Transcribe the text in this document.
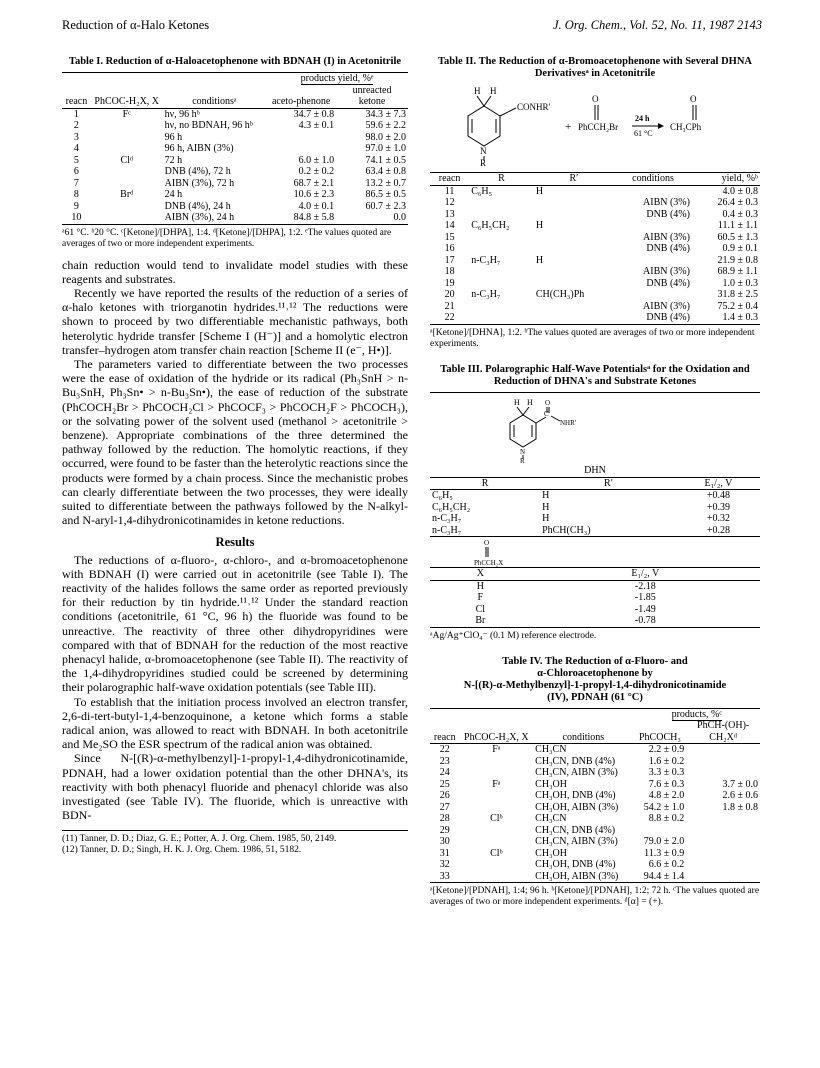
Reduction of α-Halo Ketones	J. Org. Chem., Vol. 52, No. 11, 1987 2143
Table I. Reduction of α-Haloacetophenone with BDNAH (I) in Acetonitrile
			products yield, %ᵉ	
reacn	PhCOC-H₂X, X	conditionsᵃ	aceto-phenone	unreacted ketone
1	Fᶜ	hν, 96 hᵇ	34.7 ± 0.8	34.3 ± 7.3
2		hν, no BDNAH, 96 hᵇ	4.3 ± 0.1	59.6 ± 2.2
3		96 h		98.0 ± 2.0
4		96 h, AIBN (3%)		97.0 ± 1.0
5	Clᵈ	72 h	6.0 ± 1.0	74.1 ± 0.5
6		DNB (4%), 72 h	0.2 ± 0.2	63.4 ± 0.8
7		AIBN (3%), 72 h	68.7 ± 2.1	13.2 ± 0.7
8	Brᵈ	24 h	10.6 ± 2.3	86.5 ± 0.5
9		DNB (4%), 24 h	4.0 ± 0.1	60.7 ± 2.3
10		AIBN (3%), 24 h	84.8 ± 5.8	0.0
ᵃ61 °C. ᵇ20 °C. ᶜ[Ketone]/[DHPA], 1:4. ᵈ[Ketone]/[DHPA], 1:2. ᵉThe values quoted are averages of two or more independent experiments.

chain reduction would tend to invalidate model studies with these reagents and substrates.

Recently we have reported the results of the reduction of a series of α-halo ketones with triorganotin hydrides.¹¹˒¹² The reductions were shown to proceed by two differentiable mechanistic pathways, both heterolytic hydride transfer [Scheme I (H⁻)] and a homolytic electron transfer–hydrogen atom transfer chain reaction [Scheme II (e⁻, H•)].

The parameters varied to differentiate between the two processes were the ease of oxidation of the hydride or its radical (Ph₃SnH > n-Bu₃SnH, Ph₃Sn• > n-Bu₃Sn•), the ease of reduction of the substrate (PhCOCH₂Br > PhCOCH₂Cl > PhCOCF₃ > PhCOCH₂F > PhCOCH₃), or the solvating power of the solvent used (methanol > acetonitrile > benzene). Appropriate combinations of the three determined the pathway followed by the reduction. The homolytic reactions, if they occurred, were found to be faster than the heterolytic reactions since the products were formed by a chain process. Since the mechanistic probes can clearly differentiate between the two processes, they were ideally suited to differentiate between the pathways followed by the N-alkyl- and N-aryl-1,4-dihydronicotinamides in ketone reductions.

Results

The reductions of α-fluoro-, α-chloro-, and α-bromoacetophenone with BDNAH (I) were carried out in acetonitrile (see Table I). The reactivity of the halides follows the same order as reported previously for their reduction by tin hydride.¹¹˒¹² Under the standard reaction conditions (acetonitrile, 61 °C, 96 h) the fluoride was found to be unreactive. The reactivity of three other dihydropyridines were compared with that of BDNAH for the reduction of the most reactive phenacyl halide, α-bromoacetophenone (see Table II). The reactivity of the 1,4-dihydropyridines studied could be screened by determining their polarographic half-wave oxidation potentials (see Table III).

To establish that the initiation process involved an electron transfer, 2,6-di-tert-butyl-1,4-benzoquinone, a ketone which forms a stable radical anion, was allowed to react with BDNAH. In both acetonitrile and Me₂SO the ESR spectrum of the radical anion was obtained.

Since N-[(R)-α-methylbenzyl]-1-propyl-1,4-dihydronicotinamide, PDNAH, had a lower oxidation potential than the other DHNA's, its reactivity with both phenacyl fluoride and phenacyl chloride was also investigated (see Table IV). The fluoride, which is unreactive with BDN-

(11) Tanner, D. D.; Diaz, G. E.; Potter, A. J. Org. Chem. 1985, 50, 2149.
(12) Tanner, D. D.; Singh, H. K. J. Org. Chem. 1986, 51, 5182.
Table II. The Reduction of α-Bromoacetophenone with Several DHNA Derivativesᵃ in Acetonitrile
H H
CONHR′
N
R
+
O
PhCCH₂Br
24 h
61 °C
O
CH₃CPh
reacn	R	R′	conditions	yield, %ᵇ
11	C₆H₅	H		4.0 ± 0.8
12			AIBN (3%)	26.4 ± 0.3
13			DNB (4%)	0.4 ± 0.3
14	C₆H₅CH₂	H		11.1 ± 1.1
15			AIBN (3%)	60.5 ± 1.3
16			DNB (4%)	0.9 ± 0.1
17	n-C₃H₇	H		21.9 ± 0.8
18			AIBN (3%)	68.9 ± 1.1
19			DNB (4%)	1.0 ± 0.3
20	n-C₃H₇	CH(CH₃)Ph		31.8 ± 2.5
21			AIBN (3%)	75.2 ± 0.4
22			DNB (4%)	1.4 ± 0.3
ᵃ[Ketone]/[DHNA], 1:2. ᵇThe values quoted are averages of two or more independent experiments.
Table III. Polarographic Half-Wave Potentialsᵃ for the Oxidation and Reduction of DHNA's and Substrate Ketones
H H
C
O
NHR′
N
R
DHN
R	R′	E₁/₂, V
C₆H₅	H	+0.48
C₆H₅CH₂	H	+0.39
n-C₃H₇	H	+0.32
n-C₃H₇	PhCH(CH₃)	+0.28
O
PhCCH₂X
X	E₁/₂, V
H	-2.18
F	-1.85
Cl	-1.49
Br	-0.78
ᵃAg/Ag⁺ClO₄⁻ (0.1 M) reference electrode.
Table IV. The Reduction of α-Fluoro- and
α-Chloroacetophenone by
N-[(R)-α-Methylbenzyl]-1-propyl-1,4-dihydronicotinamide
(IV), PDNAH (61 °C)
			products, %ᶜ	
reacn	PhCOC-H₂X, X	conditions	PhCOCH₃	PhCH-(OH)-CH₂Xᵈ
22	Fᵃ	CH₃CN	2.2 ± 0.9	
23		CH₃CN, DNB (4%)	1.6 ± 0.2	
24		CH₃CN, AIBN (3%)	3.3 ± 0.3	
25	Fᵃ	CH₃OH	7.6 ± 0.3	3.7 ± 0.0
26		CH₃OH, DNB (4%)	4.8 ± 2.0	2.6 ± 0.6
27		CH₃OH, AIBN (3%)	54.2 ± 1.0	1.8 ± 0.8
28	Clᵇ	CH₃CN	8.8 ± 0.2	
29		CH₃CN, DNB (4%)		
30		CH₃CN, AIBN (3%)	79.0 ± 2.0	
31	Clᵇ	CH₃OH	11.3 ± 0.9	
32		CH₃OH, DNB (4%)	6.6 ± 0.2	
33		CH₃OH, AIBN (3%)	94.4 ± 1.4	
ᵃ[Ketone]/[PDNAH], 1:4; 96 h. ᵇ[Ketone]/[PDNAH], 1:2; 72 h. ᶜThe values quoted are averages of two or more independent experiments. ᵈ[α] = (+).
